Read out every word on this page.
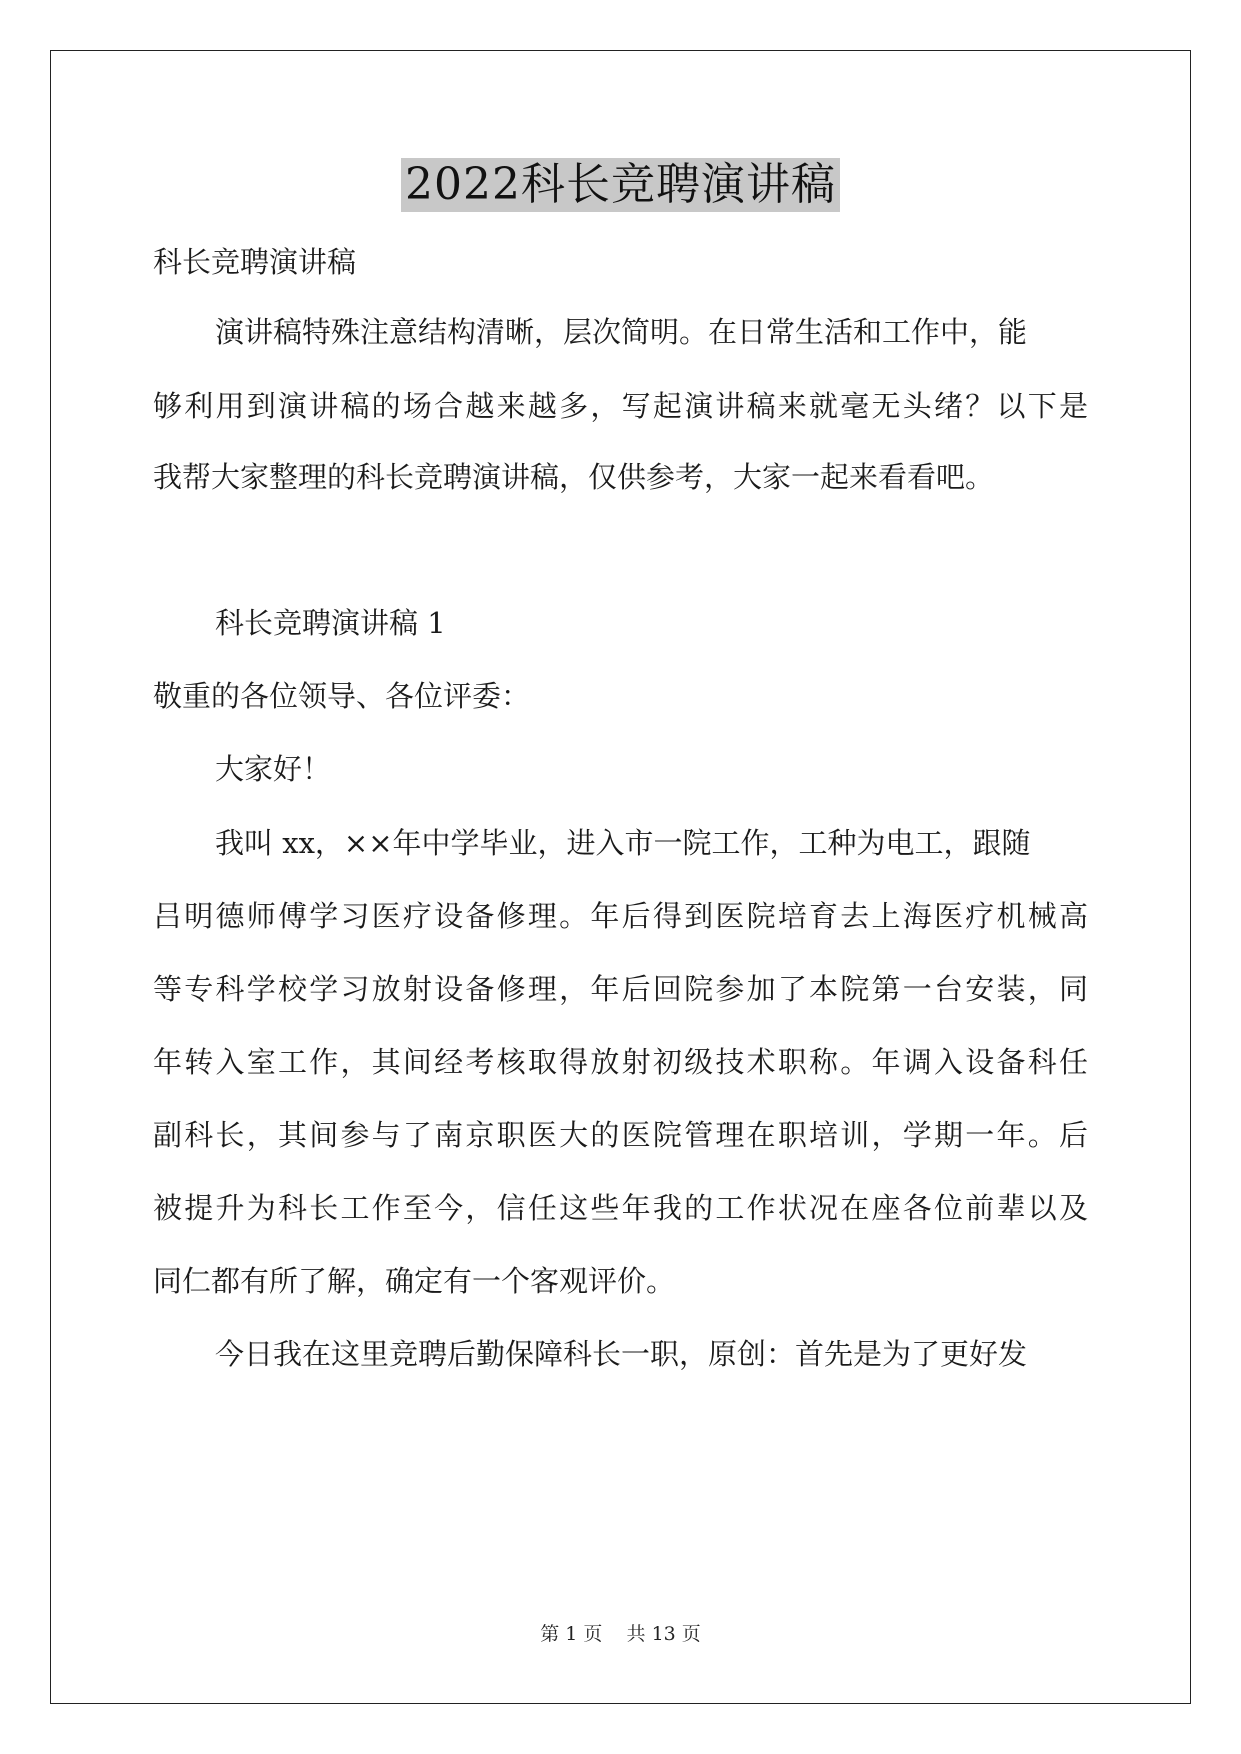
2022科长竞聘演讲稿
科长竞聘演讲稿
演讲稿特殊注意结构清晰，层次简明。在日常生活和工作中，能
够利用到演讲稿的场合越来越多，写起演讲稿来就毫无头绪？以下是
我帮大家整理的科长竞聘演讲稿，仅供参考，大家一起来看看吧。
科长竞聘演讲稿 1
敬重的各位领导、各位评委：
大家好！
我叫 xx，××年中学毕业，进入市一院工作，工种为电工，跟随
吕明德师傅学习医疗设备修理。年后得到医院培育去上海医疗机械高
等专科学校学习放射设备修理，年后回院参加了本院第一台安装，同
年转入室工作，其间经考核取得放射初级技术职称。年调入设备科任
副科长，其间参与了南京职医大的医院管理在职培训，学期一年。后
被提升为科长工作至今，信任这些年我的工作状况在座各位前辈以及
同仁都有所了解，确定有一个客观评价。
今日我在这里竞聘后勤保障科长一职，原创：首先是为了更好发
第 1 页 共 13 页
